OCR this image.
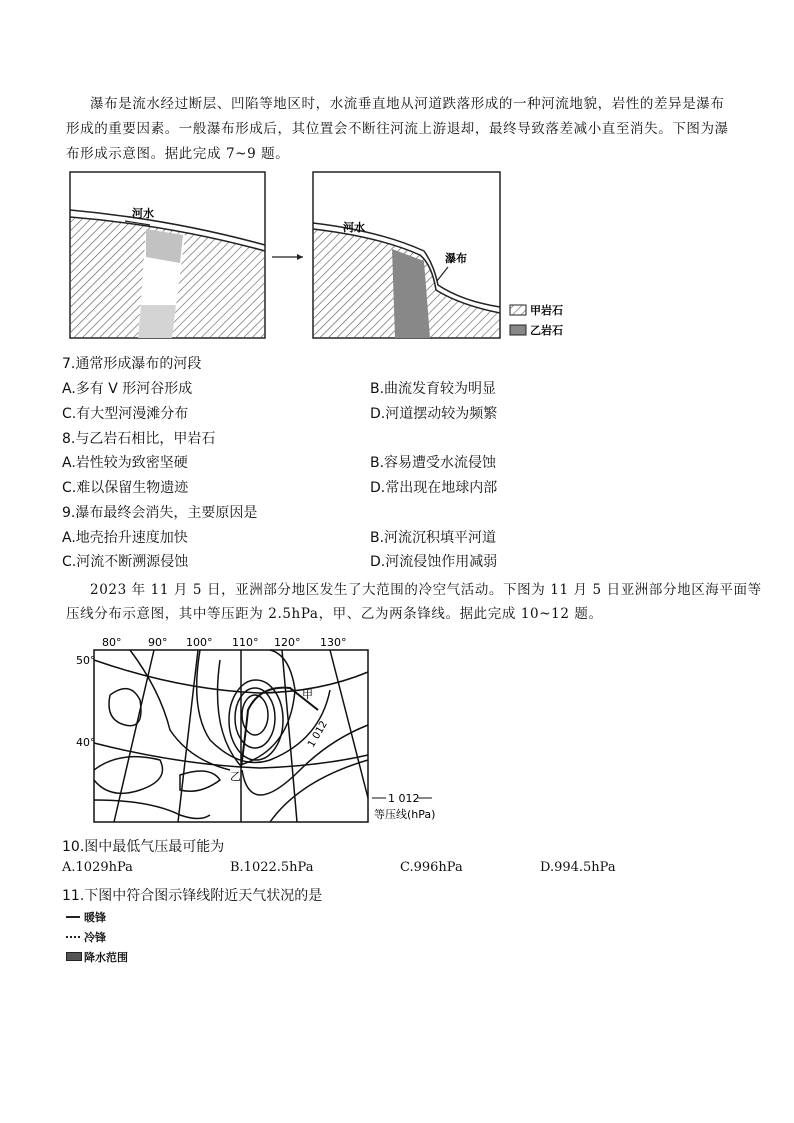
瀑布是流水经过断层、凹陷等地区时，水流垂直地从河道跌落形成的一种河流地貌，岩性的差异是瀑布
形成的重要因素。一般瀑布形成后，其位置会不断往河流上游退却，最终导致落差减小直至消失。下图为瀑
布形成示意图。据此完成 7~9 题。
河水
河水
瀑布
甲岩石
乙岩石
7.通常形成瀑布的河段
A.多有 V 形河谷形成	B.曲流发育较为明显
C.有大型河漫滩分布	D.河道摆动较为频繁
8.与乙岩石相比，甲岩石
A.岩性较为致密坚硬	B.容易遭受水流侵蚀
C.难以保留生物遗迹	D.常出现在地球内部
9.瀑布最终会消失，主要原因是
A.地壳抬升速度加快	B.河流沉积填平河道
C.河流不断溯源侵蚀	D.河流侵蚀作用减弱
2023 年 11 月 5 日，亚洲部分地区发生了大范围的冷空气活动。下图为 11 月 5 日亚洲部分地区海平面等
压线分布示意图，其中等压距为 2.5hPa，甲、乙为两条锋线。据此完成 10~12 题。
80° 90° 100° 110° 120° 130°
50°
40°
甲
乙
1 012
1 012
等压线(hPa)
10.图中最低气压最可能为
A.1029hPa	B.1022.5hPa	C.996hPa	D.994.5hPa
11.下图中符合图示锋线附近天气状况的是
暖锋
冷锋
降水范围
